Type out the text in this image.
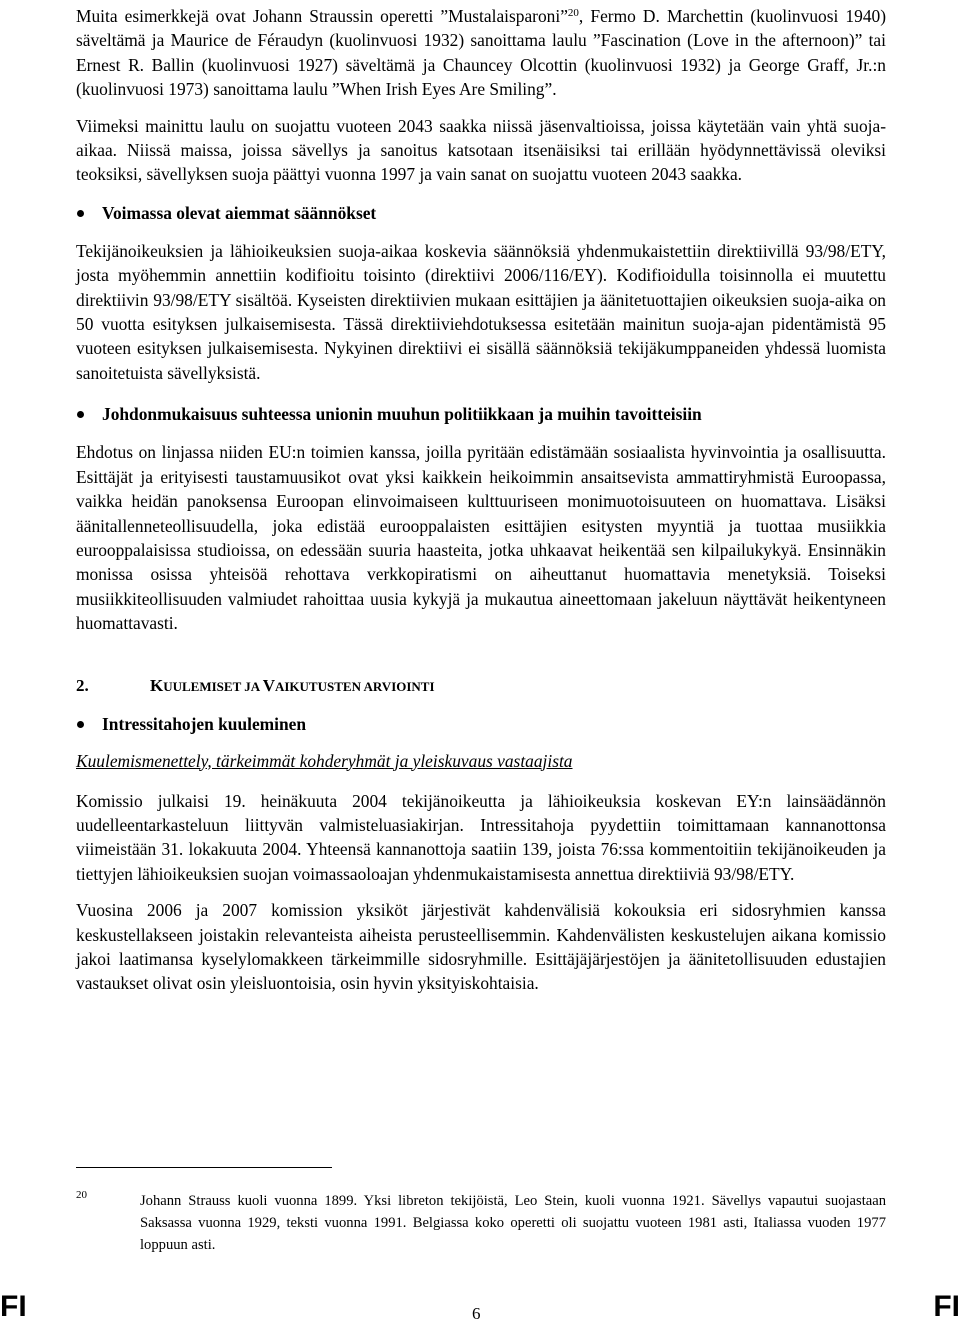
Muita esimerkkejä ovat Johann Straussin operetti ”Mustalaisparoni”$^{20}$, Fermo D. Marchettin (kuolinvuosi 1940) säveltämä ja Maurice de Féraudyn (kuolinvuosi 1932) sanoittama laulu ”Fascination (Love in the afternoon)” tai Ernest R. Ballin (kuolinvuosi 1927) säveltämä ja Chauncey Olcottin (kuolinvuosi 1932) ja George Graff, Jr.:n (kuolinvuosi 1973) sanoittama laulu ”When Irish Eyes Are Smiling”.

Viimeksi mainittu laulu on suojattu vuoteen 2043 saakka niissä jäsenvaltioissa, joissa käytetään vain yhtä suoja-aikaa. Niissä maissa, joissa sävellys ja sanoitus katsotaan itsenäisiksi tai erillään hyödynnettävissä oleviksi teoksiksi, sävellyksen suoja päättyi vuonna 1997 ja vain sanat on suojattu vuoteen 2043 saakka.

Voimassa olevat aiemmat säännökset

Tekijänoikeuksien ja lähioikeuksien suoja-aikaa koskevia säännöksiä yhdenmukaistettiin direktiivillä 93/98/ETY, josta myöhemmin annettiin kodifioitu toisinto (direktiivi 2006/116/EY). Kodifioidulla toisinnolla ei muutettu direktiivin 93/98/ETY sisältöä. Kyseisten direktiivien mukaan esittäjien ja äänitetuottajien oikeuksien suoja-aika on 50 vuotta esityksen julkaisemisesta. Tässä direktiiviehdotuksessa esitetään mainitun suoja-ajan pidentämistä 95 vuoteen esityksen julkaisemisesta. Nykyinen direktiivi ei sisällä säännöksiä tekijäkumppaneiden yhdessä luomista sanoitetuista sävellyksistä.

Johdonmukaisuus suhteessa unionin muuhun politiikkaan ja muihin tavoitteisiin

Ehdotus on linjassa niiden EU:n toimien kanssa, joilla pyritään edistämään sosiaalista hyvinvointia ja osallisuutta. Esittäjät ja erityisesti taustamuusikot ovat yksi kaikkein heikoimmin ansaitsevista ammattiryhmistä Euroopassa, vaikka heidän panoksensa Euroopan elinvoimaiseen kulttuuriseen monimuotoisuuteen on huomattava. Lisäksi äänitallenneteollisuudella, joka edistää eurooppalaisten esittäjien esitysten myyntiä ja tuottaa musiikkia eurooppalaisissa studioissa, on edessään suuria haasteita, jotka uhkaavat heikentää sen kilpailukykyä. Ensinnäkin monissa osissa yhteisöä rehottava verkkopiratismi on aiheuttanut huomattavia menetyksiä. Toiseksi musiikkiteollisuuden valmiudet rahoittaa uusia kykyjä ja mukautua aineettomaan jakeluun näyttävät heikentyneen huomattavasti.

2.	KUULEMISET JA VAIKUTUSTEN ARVIOINTI
Intressitahojen kuuleminen
Kuulemismenettely, tärkeimmät kohderyhmät ja yleiskuvaus vastaajista

Komissio julkaisi 19. heinäkuuta 2004 tekijänoikeutta ja lähioikeuksia koskevan EY:n lainsäädännön uudelleentarkasteluun liittyvän valmisteluasiakirjan. Intressitahoja pyydettiin toimittamaan kannanottonsa viimeistään 31. lokakuuta 2004. Yhteensä kannanottoja saatiin 139, joista 76:ssa kommentoitiin tekijänoikeuden ja tiettyjen lähioikeuksien suojan voimassaoloajan yhdenmukaistamisesta annettua direktiiviä 93/98/ETY.

Vuosina 2006 ja 2007 komission yksiköt järjestivät kahdenvälisiä kokouksia eri sidosryhmien kanssa keskustellakseen joistakin relevanteista aiheista perusteellisemmin. Kahdenvälisten keskustelujen aikana komissio jakoi laatimansa kyselylomakkeen tärkeimmille sidosryhmille. Esittäjäjärjestöjen ja äänitetollisuuden edustajien vastaukset olivat osin yleisluontoisia, osin hyvin yksityiskohtaisia.

20	Johann Strauss kuoli vuonna 1899. Yksi libreton tekijöistä, Leo Stein, kuoli vuonna 1921. Sävellys vapautui suojastaan Saksassa vuonna 1929, teksti vuonna 1991. Belgiassa koko operetti oli suojattu vuoteen 1981 asti, Italiassa vuoden 1977 loppuun asti.
FI	6	FI
